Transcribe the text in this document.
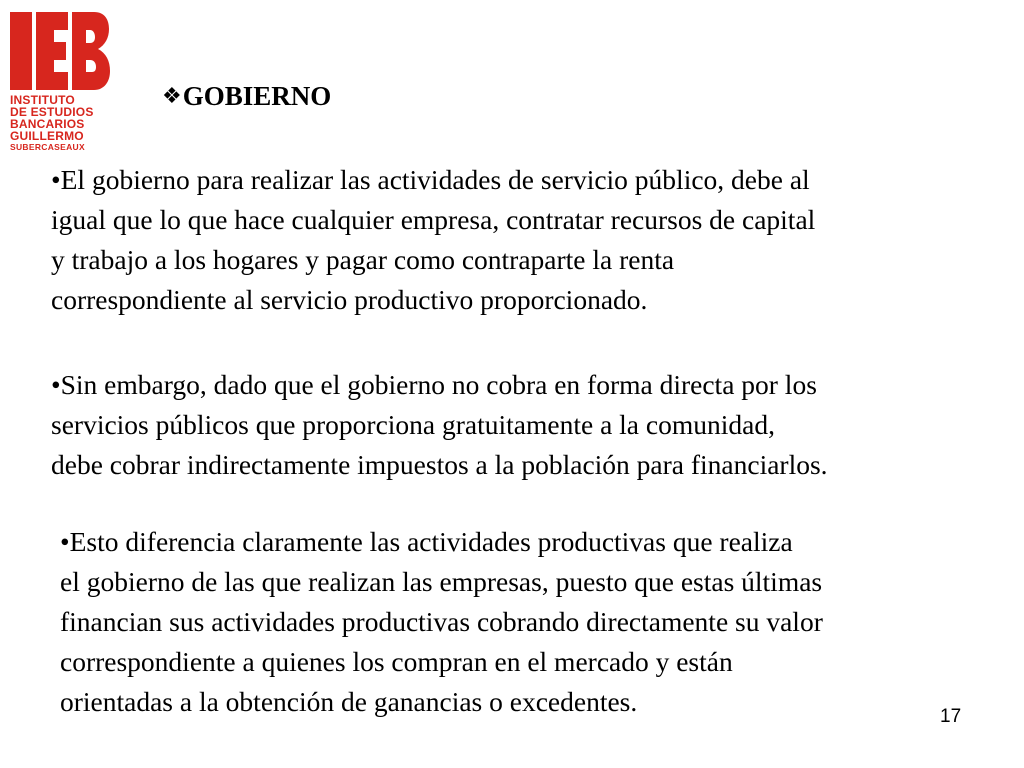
INSTITUTO
DE ESTUDIOS
BANCARIOS
GUILLERMO
SUBERCASEAUX
❖GOBIERNO

•El gobierno para realizar las actividades de servicio público, debe al
igual que lo que hace cualquier empresa, contratar recursos de capital
y trabajo a los hogares y pagar como contraparte la renta
correspondiente al servicio productivo proporcionado.

•Sin embargo, dado que el gobierno no cobra en forma directa por los
servicios públicos que proporciona gratuitamente a la comunidad,
debe cobrar indirectamente impuestos a la población para financiarlos.

•Esto diferencia claramente las actividades productivas que realiza
el gobierno de las que realizan las empresas, puesto que estas últimas
financian sus actividades productivas cobrando directamente su valor
correspondiente a quienes los compran en el mercado y están
orientadas a la obtención de ganancias o excedentes.	17
